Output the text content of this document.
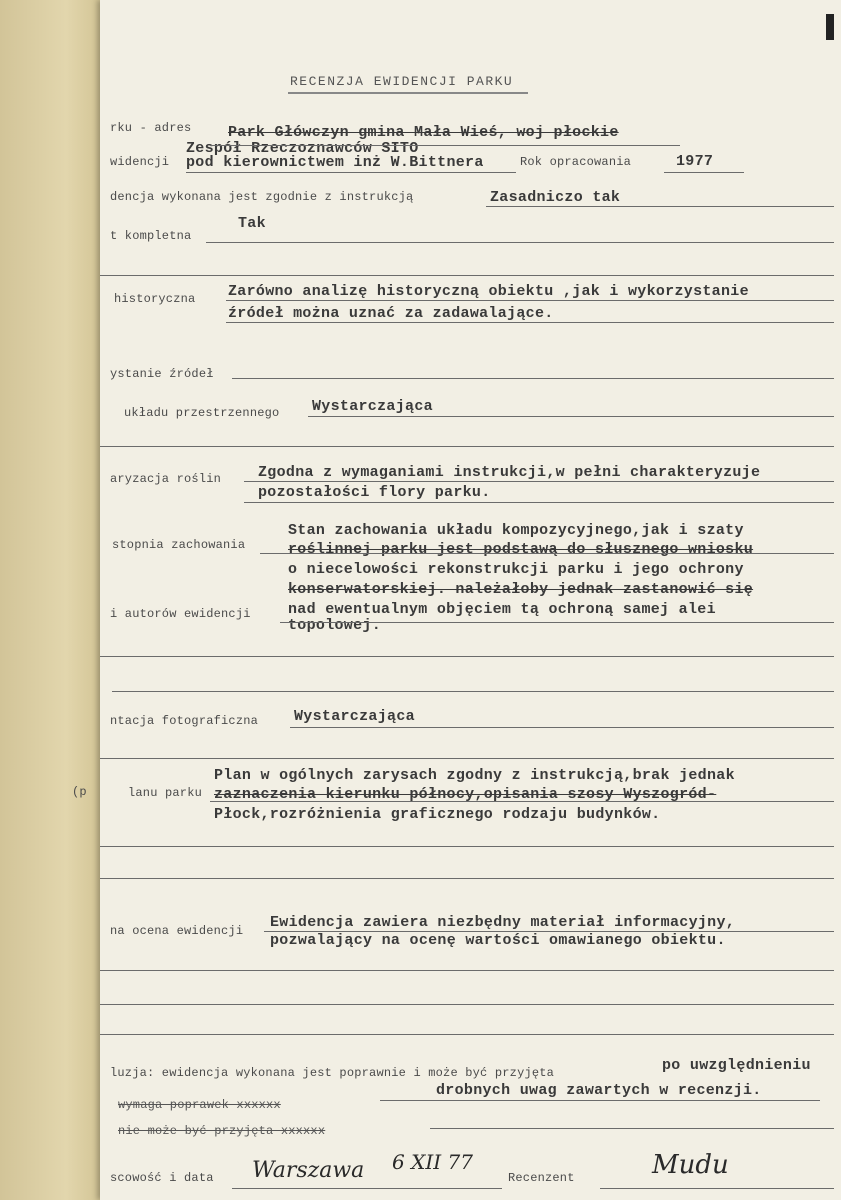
RECENZJA EWIDENCJI PARKU
rku - adres Park Główczyn gmina Mała Wieś, woj płockie
Zespół Rzeczoznawców SITO
widencji pod kierownictwem inż W.Bittnera	Rok opracowania	1977
dencja wykonana jest zgodnie z instrukcją	Zasadniczo tak
t kompletna
Tak
historyczna Zarówno analizę historyczną obiektu ,jak i wykorzystanie
źródeł można uznać za zadawalające.
ystanie źródeł
układu przestrzennego Wystarczająca
aryzacja roślin Zgodna z wymaganiami instrukcji,w pełni charakteryzuje
pozostałości flory parku.
stopnia zachowania
Stan zachowania układu kompozycyjnego,jak i szaty
roślinnej parku jest podstawą do słusznego wniosku
o niecelowości rekonstrukcji parku i jego ochrony
konserwatorskiej. należałoby jednak zastanowić się
nad ewentualnym objęciem tą ochroną samej alei
topolowej.
i autorów ewidencji
ntacja fotograficzna Wystarczająca
(p	lanu parku
Plan w ogólnych zarysach zgodny z instrukcją,brak jednak
zaznaczenia kierunku północy,opisania szosy Wyszogród-
Płock,rozróżnienia graficznego rodzaju budynków.
na ocena ewidencji Ewidencja zawiera niezbędny materiał informacyjny,
pozwalający na ocenę wartości omawianego obiektu.
luzja: ewidencja wykonana jest poprawnie i może być przyjęta	po uwzględnieniu
drobnych uwag zawartych w recenzji.
wymaga poprawek xxxxxx
nie może być przyjęta xxxxxx
scowość i data Warszawa 6 XII 77
Recenzent	Mudu
